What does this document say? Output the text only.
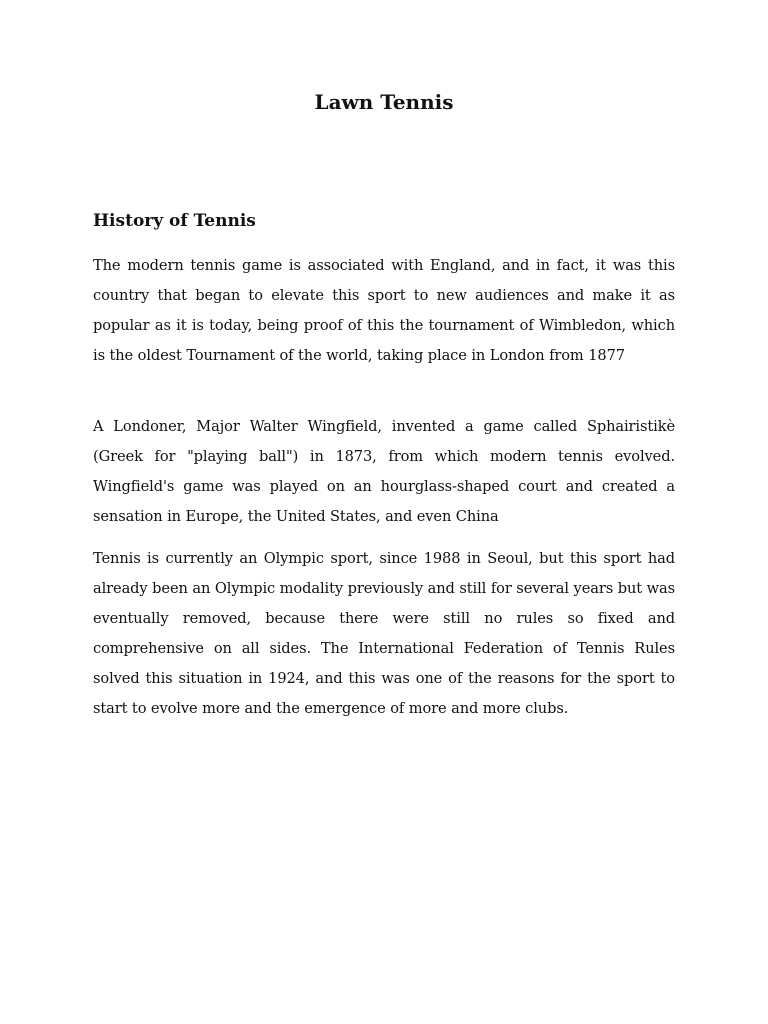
Lawn Tennis
History of Tennis

The modern tennis game is associated with England, and in fact, it was this country that began to elevate this sport to new audiences and make it as popular as it is today, being proof of this the tournament of Wimbledon, which is the oldest Tournament of the world, taking place in London from 1877

A Londoner, Major Walter Wingfield, invented a game called Sphairistikè (Greek for "playing ball") in 1873, from which modern tennis evolved. Wingfield's game was played on an hourglass-shaped court and created a sensation in Europe, the United States, and even China

Tennis is currently an Olympic sport, since 1988 in Seoul, but this sport had already been an Olympic modality previously and still for several years but was eventually removed, because there were still no rules so fixed and comprehensive on all sides. The International Federation of Tennis Rules solved this situation in 1924, and this was one of the reasons for the sport to start to evolve more and the emergence of more and more clubs.
